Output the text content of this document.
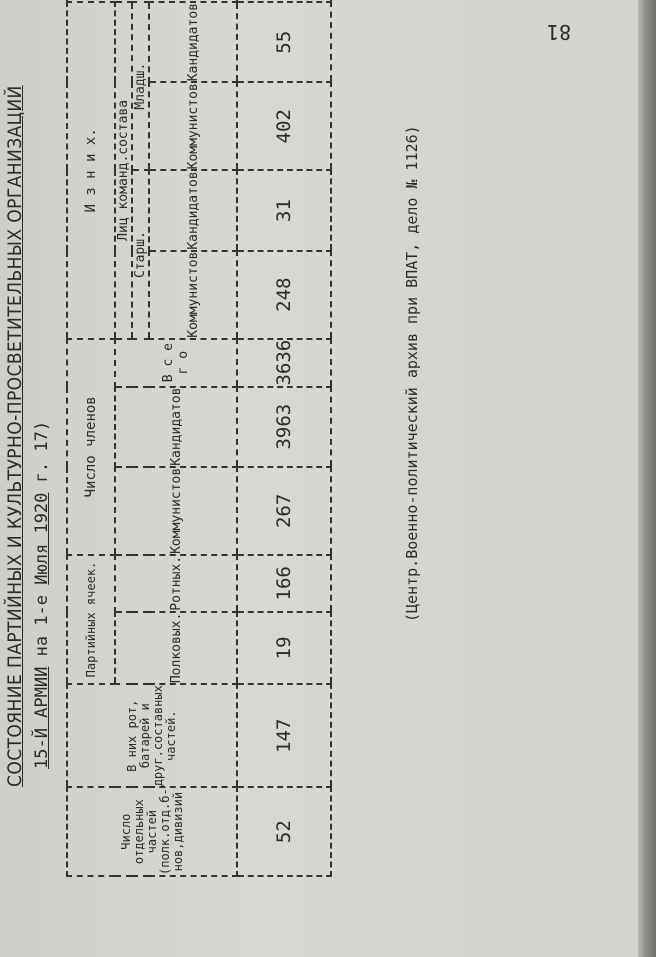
81
СОСТОЯНИЕ ПАРТИЙНЫХ И КУЛЬТУРНО-ПРОСВЕТИТЕЛЬНЫХ ОРГАНИЗАЦИЙ 15-Й АРМИИ на 1-е Июля 1920 г. 17)
Число отдельных частей (полк.отд.б-нов,дивизий	В них рот, батарей и друг.составных частей.	Партийных ячеек.		Число членов			И з н и х.			
		Полковых.	Ротных.	Коммунистов	Кандидатов	В с е г о	Лиц команд.состава		
							Старш.		Младш.					
							Коммунистов	Кандидатов	Коммунистов	Кандидатов				
52	147	19	166	267	3963	3636	248	31	402	55				
(Центр.Военно-политический архив при ВПАТ, дело № 1126)
